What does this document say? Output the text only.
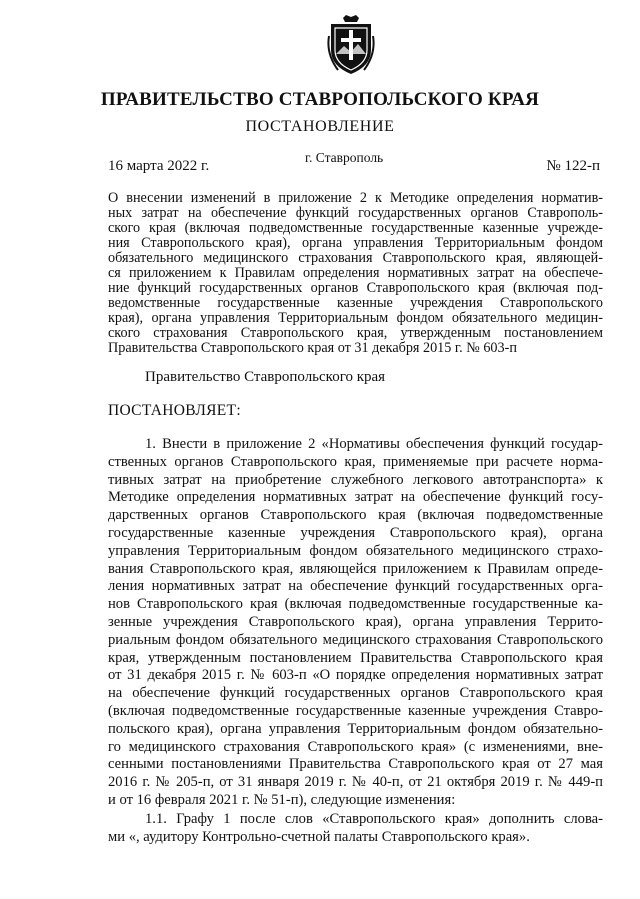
ПРАВИТЕЛЬСТВО СТАВРОПОЛЬСКОГО КРАЯ
ПОСТАНОВЛЕНИЕ
16 марта 2022 г.
г. Ставрополь
№ 122-п
О внесении изменений в приложение 2 к Методике определения норматив-
ных затрат на обеспечение функций государственных органов Ставрополь-
ского края (включая подведомственные государственные казенные учрежде-
ния Ставропольского края), органа управления Территориальным фондом
обязательного медицинского страхования Ставропольского края, являющей-
ся приложением к Правилам определения нормативных затрат на обеспече-
ние функций государственных органов Ставропольского края (включая под-
ведомственные государственные казенные учреждения Ставропольского
края), органа управления Территориальным фондом обязательного медицин-
ского страхования Ставропольского края, утвержденным постановлением
Правительства Ставропольского края от 31 декабря 2015 г. № 603-п
Правительство Ставропольского края
ПОСТАНОВЛЯЕТ:
1. Внести в приложение 2 «Нормативы обеспечения функций государ-
ственных органов Ставропольского края, применяемые при расчете норма-
тивных затрат на приобретение служебного легкового автотранспорта» к
Методике определения нормативных затрат на обеспечение функций госу-
дарственных органов Ставропольского края (включая подведомственные
государственные казенные учреждения Ставропольского края), органа
управления Территориальным фондом обязательного медицинского страхо-
вания Ставропольского края, являющейся приложением к Правилам опреде-
ления нормативных затрат на обеспечение функций государственных орга-
нов Ставропольского края (включая подведомственные государственные ка-
зенные учреждения Ставропольского края), органа управления Террито-
риальным фондом обязательного медицинского страхования Ставропольского
края, утвержденным постановлением Правительства Ставропольского края
от 31 декабря 2015 г. № 603-п «О порядке определения нормативных затрат
на обеспечение функций государственных органов Ставропольского края
(включая подведомственные государственные казенные учреждения Ставро-
польского края), органа управления Территориальным фондом обязательно-
го медицинского страхования Ставропольского края» (с изменениями, вне-
сенными постановлениями Правительства Ставропольского края от 27 мая
2016 г. № 205-п, от 31 января 2019 г. № 40-п, от 21 октября 2019 г. № 449-п
и от 16 февраля 2021 г. № 51-п), следующие изменения:
1.1. Графу 1 после слов «Ставропольского края» дополнить слова-
ми «, аудитору Контрольно-счетной палаты Ставропольского края».
